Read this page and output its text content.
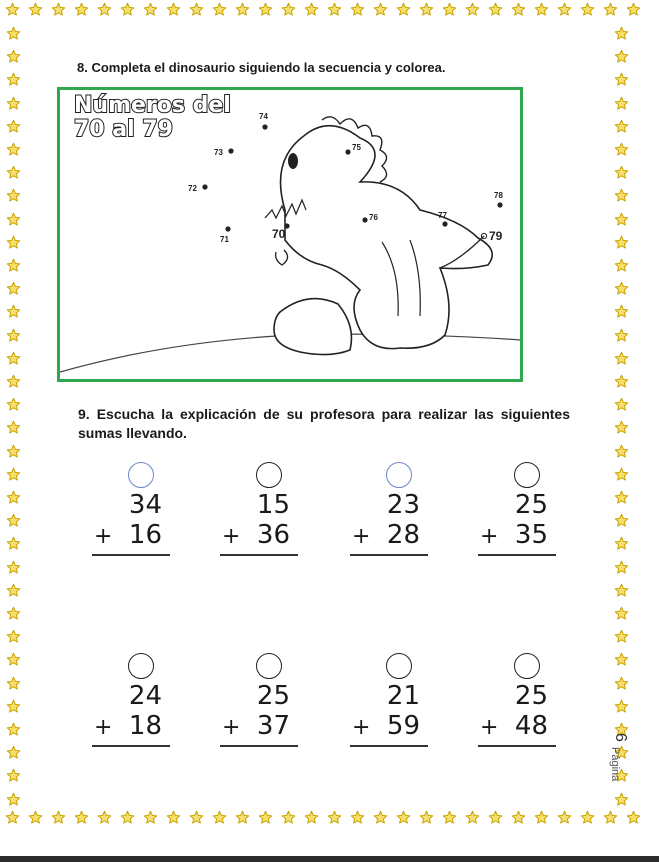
8. Completa el dinosaurio siguiendo la secuencia y colorea.
Números del
70 al 79
70
71
72
73
74
75
76	77
78
79
9. Escucha la explicación de su profesora para realizar las siguientes sumas llevando.
34
+ 16
15
+ 36
23
+ 28
25
+ 35
24
+ 18
25
+ 37
21
+ 59
25
+ 48
Página
6
